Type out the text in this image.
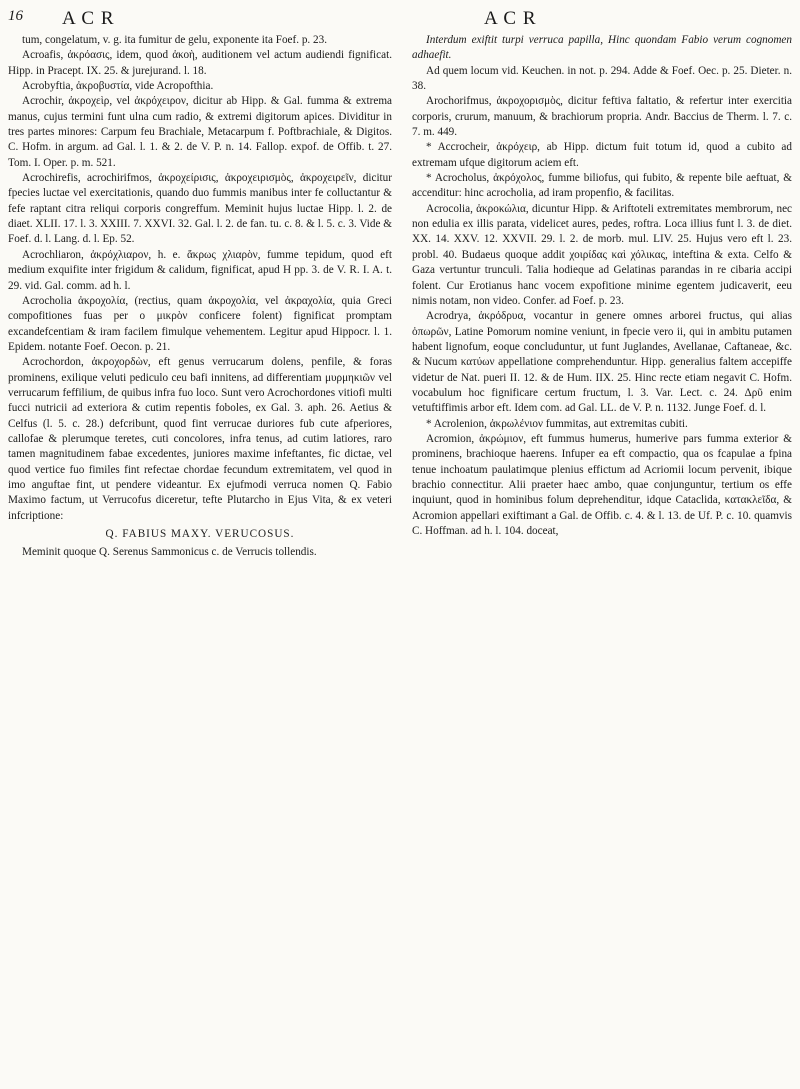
16 A C R	A C R

tum, congelatum, v. g. ita fumitur de gelu, exponente ita Foef. p. 23.

Acroafis, ἀκρόασις, idem, quod ἀκοὴ, auditionem vel actum audiendi fignificat. Hipp. in Pracept. IX. 25. & jurejurand. l. 18.

Acrobyftia, ἀκροβυστία, vide Acropofthia.

Acrochir, ἀκροχεὶρ, vel ἀκρόχειρον, dicitur ab Hipp. & Gal. fumma & extrema manus, cujus termini funt ulna cum radio, & extremi digitorum apices. Dividitur in tres partes minores: Carpum feu Brachiale, Metacarpum f. Poftbrachiale, & Digitos. C. Hofm. in argum. ad Gal. l. 1. & 2. de V. P. n. 14. Fallop. expof. de Offib. t. 27. Tom. I. Oper. p. m. 521.

Acrochirefis, acrochirifmos, ἀκροχείρισις, ἀκροχειρισμὸς, ἀκροχειρεῖν, dicitur fpecies luctae vel exercitationis, quando duo fummis manibus inter fe colluctantur & fefe raptant citra reliqui corporis congreffum. Meminit hujus luctae Hipp. l. 2. de diaet. XLII. 17. l. 3. XXIII. 7. XXVI. 32. Gal. l. 2. de fan. tu. c. 8. & l. 5. c. 3. Vide & Foef. d. l. Lang. d. l. Ep. 52.

Acrochliaron, ἀκρόχλιαρον, h. e. ἄκρως χλιαρὸν, fumme tepidum, quod eft medium exquifite inter frigidum & calidum, fignificat, apud H pp. 3. de V. R. I. A. t. 29. vid. Gal. comm. ad h. l.

Acrocholia ἀκροχολία, (rectius, quam ἀκροχολία, vel ἀκραχολία, quia Greci compofitiones fuas per o μικρὸν conficere folent) fignificat promptam excandefcentiam & iram facilem fimulque vehementem. Legitur apud Hippocr. l. 1. Epidem. notante Foef. Oecon. p. 21.

Acrochordon, ἀκροχορδὼν, eft genus verrucarum dolens, penfile, & foras prominens, exilique veluti pediculo ceu bafi innitens, ad differentiam μυρμηκιῶν vel verrucarum feffilium, de quibus infra fuo loco. Sunt vero Acrochordones vitiofi multi fucci nutricii ad exteriora & cutim repentis foboles, ex Gal. 3. aph. 26. Aetius & Celfus (l. 5. c. 28.) defcribunt, quod fint verrucae duriores fub cute afperiores, callofae & plerumque teretes, cuti concolores, infra tenus, ad cutim latiores, raro tamen magnitudinem fabae excedentes, juniores maxime infeftantes, fic dictae, vel quod vertice fuo fimiles fint refectae chordae fecundum extremitatem, vel quod in imo anguftae fint, ut pendere videantur. Ex ejufmodi verruca nomen Q. Fabio Maximo factum, ut Verrucofus diceretur, tefte Plutarcho in Ejus Vita, & ex veteri infcriptione:

Q. FABIUS MAXY. VERUCOSUS.

Meminit quoque Q. Serenus Sammonicus c. de Verrucis tollendis.

Interdum exiftit turpi verruca papilla, Hinc quondam Fabio verum cognomen adhaefit.

Ad quem locum vid. Keuchen. in not. p. 294. Adde & Foef. Oec. p. 25. Dieter. n. 38.

Arochorifmus, ἀκροχορισμὸς, dicitur feftiva faltatio, & refertur inter exercitia corporis, crurum, manuum, & brachiorum propria. Andr. Baccius de Therm. l. 7. c. 7. m. 449.

* Accrocheir, ἀκρόχειρ, ab Hipp. dictum fuit totum id, quod a cubito ad extremam ufque digitorum aciem eft.

* Acrocholus, ἀκρόχολος, fumme biliofus, qui fubito, & repente bile aeftuat, & accenditur: hinc acrocholia, ad iram propenfio, & facilitas.

Acrocolia, ἀκροκώλια, dicuntur Hipp. & Ariftoteli extremitates membrorum, nec non edulia ex illis parata, videlicet aures, pedes, roftra. Loca illius funt l. 3. de diet. XX. 14. XXV. 12. XXVII. 29. l. 2. de morb. mul. LIV. 25. Hujus vero eft l. 23. probl. 40. Budaeus quoque addit χοιρίδας καὶ χόλικας, inteftina & exta. Celfo & Gaza vertuntur trunculi. Talia hodieque ad Gelatinas parandas in re cibaria accipi folent. Cur Erotianus hanc vocem expofitione minime egentem judicaverit, eeu nimis notam, non video. Confer. ad Foef. p. 23.

Acrodrya, ἀκρόδρυα, vocantur in genere omnes arborei fructus, qui alias ὀπωρῶν, Latine Pomorum nomine veniunt, in fpecie vero ii, qui in ambitu putamen habent lignofum, eoque concluduntur, ut funt Juglandes, Avellanae, Caftaneae, &c. & Nucum κατύων appellatione comprehenduntur. Hipp. generalius faltem accepiffe videtur de Nat. pueri II. 12. & de Hum. IIX. 25. Hinc recte etiam negavit C. Hofm. vocabulum hoc fignificare certum fructum, l. 3. Var. Lect. c. 24. Δρῦ enim vetuftiffimis arbor eft. Idem com. ad Gal. LL. de V. P. n. 1132. Junge Foef. d. l.

* Acrolenion, ἀκρωλένιον fummitas, aut extremitas cubiti.

Acromion, ἀκρώμιον, eft fummus humerus, humerive pars fumma exterior & prominens, brachioque haerens. Infuper ea eft compactio, qua os fcapulae a fpina tenue inchoatum paulatimque plenius effictum ad Acriomii locum pervenit, ibique brachio connectitur. Alii praeter haec ambo, quae conjunguntur, tertium os effe inquiunt, quod in hominibus folum deprehenditur, idque Cataclida, κατακλεῖδα, & Acromion appellari exiftimant a Gal. de Offib. c. 4. & l. 13. de Uf. P. c. 10. quamvis C. Hoffman. ad h. l. 104. doceat,
